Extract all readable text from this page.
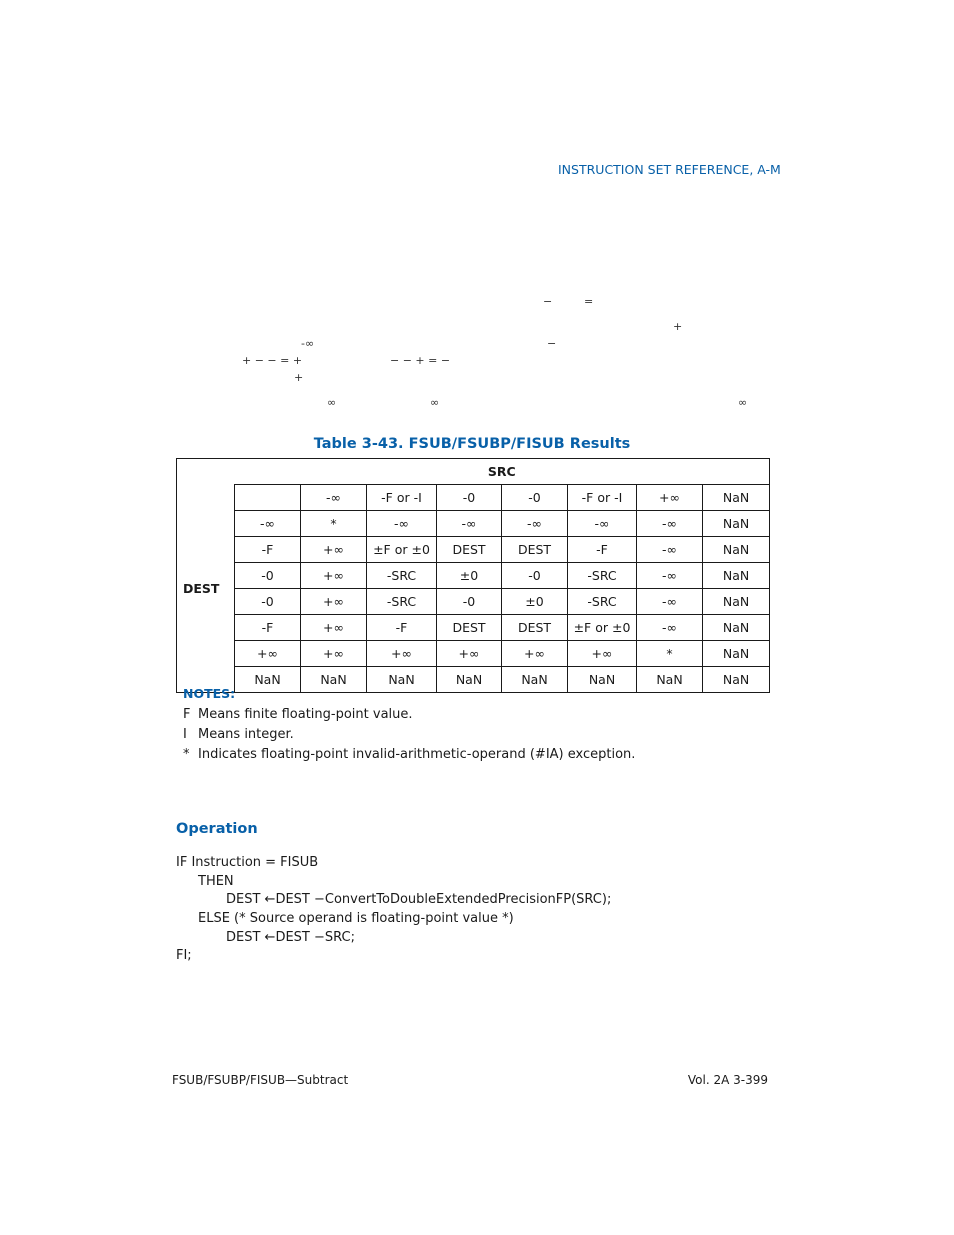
INSTRUCTION SET REFERENCE, A-M
−	=
+
-∞	−
+ − − = +	− − + = −
+
∞	∞	∞
Table 3-43. FSUB/FSUBP/FISUB Results
	SRC							
DEST		-∞	-F or -I	-0	-0	-F or -I	+∞	NaN
	-∞	*	-∞	-∞	-∞	-∞	-∞	NaN
	-F	+∞	±F or ±0	DEST	DEST	-F	-∞	NaN
	-0	+∞	-SRC	±0	-0	-SRC	-∞	NaN
	-0	+∞	-SRC	-0	±0	-SRC	-∞	NaN
	-F	+∞	-F	DEST	DEST	±F or ±0	-∞	NaN
	+∞	+∞	+∞	+∞	+∞	+∞	*	NaN
	NaN	NaN	NaN	NaN	NaN	NaN	NaN	NaN
NOTES:
F Means finite floating-point value.
I Means integer.
* Indicates floating-point invalid-arithmetic-operand (#IA) exception.
Operation
IF Instruction = FISUB
THEN
DEST ←DEST −ConvertToDoubleExtendedPrecisionFP(SRC);
ELSE (* Source operand is floating-point value *)
DEST ←DEST −SRC;
FI;
FSUB/FSUBP/FISUB—Subtract	Vol. 2A 3-399
